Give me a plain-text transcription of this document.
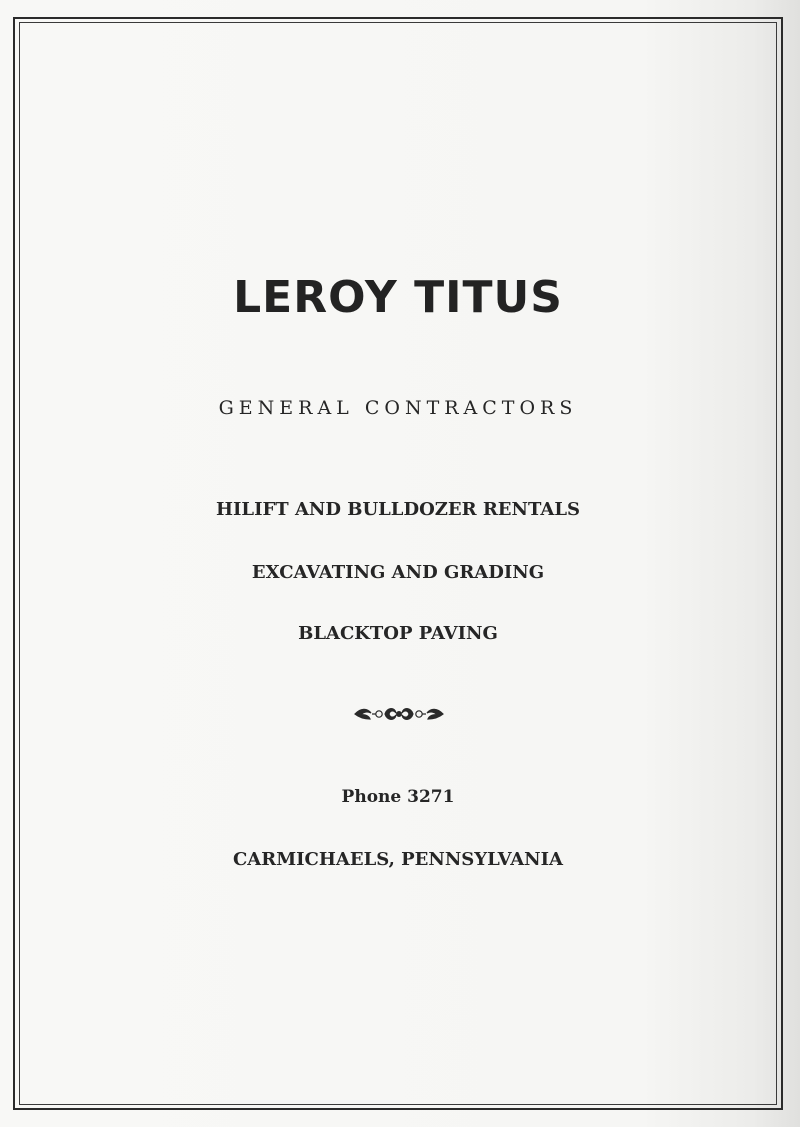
LEROY TITUS
GENERAL CONTRACTORS
HILIFT AND BULLDOZER RENTALS
EXCAVATING AND GRADING
BLACKTOP PAVING
Phone 3271
CARMICHAELS, PENNSYLVANIA
